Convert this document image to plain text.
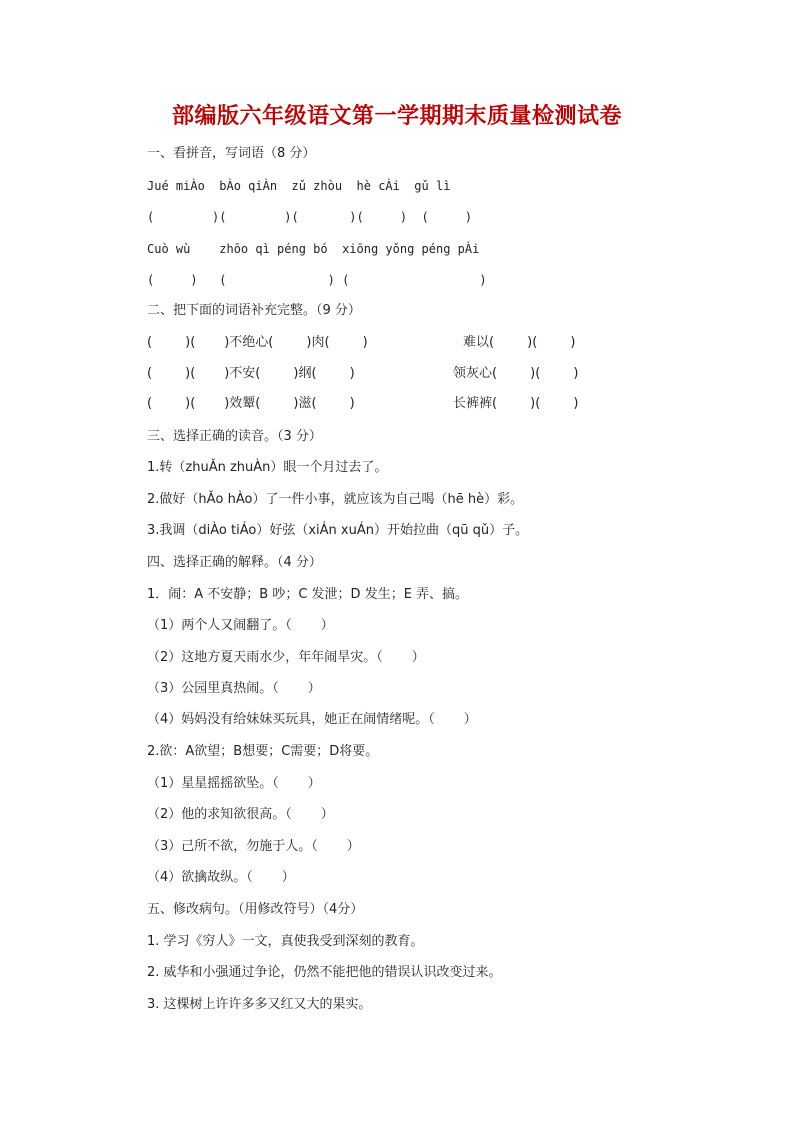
部编版六年级语文第一学期期末质量检测试卷
一、看拼音，写词语（8 分）
Jué miÀo  bÀo qiÀn  zǔ zhòu  hè cÀi  gǔ lì
(        )(        )(       )(     )  (     )
Cuò wù    zhōo qì péng bó  xiōng yǒng péng pÀi
(     )   (              ) (                  )
二、把下面的词语补充完整。（9 分）
(        )(       )不绝心(        )肉(        )	难以(        )(        )
(        )(       )不安(        )纲(        )	领灰心(        )(        )
(        )(       )效颦(        )滋(        )	长裤裤(        )(        )
三、选择正确的读音。（3 分）
1.转（zhuǍn zhuÀn）眼一个月过去了。
2.做好（hǍo hÀo）了一件小事，就应该为自己喝（hē hè）彩。
3.我调（diÀo tiÁo）好弦（xiÁn xuÁn）开始拉曲（qū qǔ）子。
四、选择正确的解释。（4 分）
1．闹：A 不安静；B 吵；C 发泄；D 发生；E 弄、搞。
（1）两个人又闹翻了。（       ）
（2）这地方夏天雨水少，年年闹旱灾。（       ）
（3）公园里真热闹。（       ）
（4）妈妈没有给妹妹买玩具，她正在闹情绪呢。（       ）
2.欲：A欲望；B想要；C需要；D将要。
（1）星星摇摇欲坠。（       ）
（2）他的求知欲很高。（       ）
（3）己所不欲，勿施于人。（       ）
（4）欲擒故纵。（       ）
五、修改病句。（用修改符号）（4分）
1. 学习《穷人》一文，真使我受到深刻的教育。
2. 威华和小强通过争论，仍然不能把他的错误认识改变过来。
3. 这棵树上许许多多又红又大的果实。
